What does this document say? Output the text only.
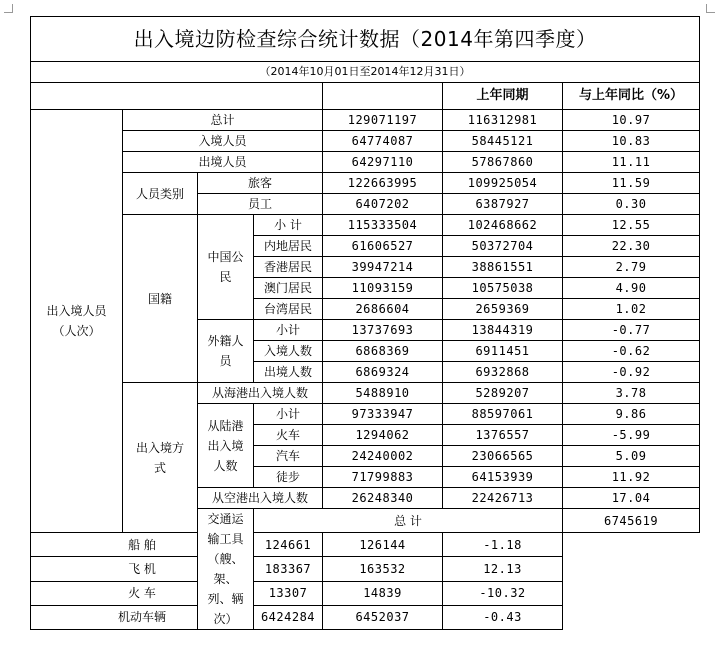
出入境边防检查综合统计数据（2014年第四季度）							
（2014年10月01日至2014年12月31日）							
					上年同期	与上年同比（%）	
出入境人员（人次）	总计			129071197	116312981	10.97	
	入境人员			64774087	58445121	10.83	
	出境人员			64297110	57867860	11.11	
	人员类别	旅客		122663995	109925054	11.59	
		员工		6407202	6387927	0.30	
	国籍	中国公民	小 计	115333504	102468662	12.55	
			内地居民	61606527	50372704	22.30	
			香港居民	39947214	38861551	2.79	
			澳门居民	11093159	10575038	4.90	
			台湾居民	2686604	2659369	1.02	
		外籍人员	小计	13737693	13844319	-0.77	
			入境人数	6868369	6911451	-0.62	
			出境人数	6869324	6932868	-0.92	
	出入境方式	从海港出入境人数		5488910	5289207	3.78	
		从陆港出入境人数	小计	97333947	88597061	9.86	
			火车	1294062	1376557	-5.99	
			汽车	24240002	23066565	5.09	
			徒步	71799883	64153939	11.92	
		从空港出入境人数		26248340	22426713	17.04	
		交通运输工具（艘、架、列、辆次）	总 计			6745619		
船 舶			124661	126144	-1.18		
飞 机			183367	163532	12.13		
火 车			13307	14839	-10.32		
机动车辆			6424284	6452037	-0.43		
